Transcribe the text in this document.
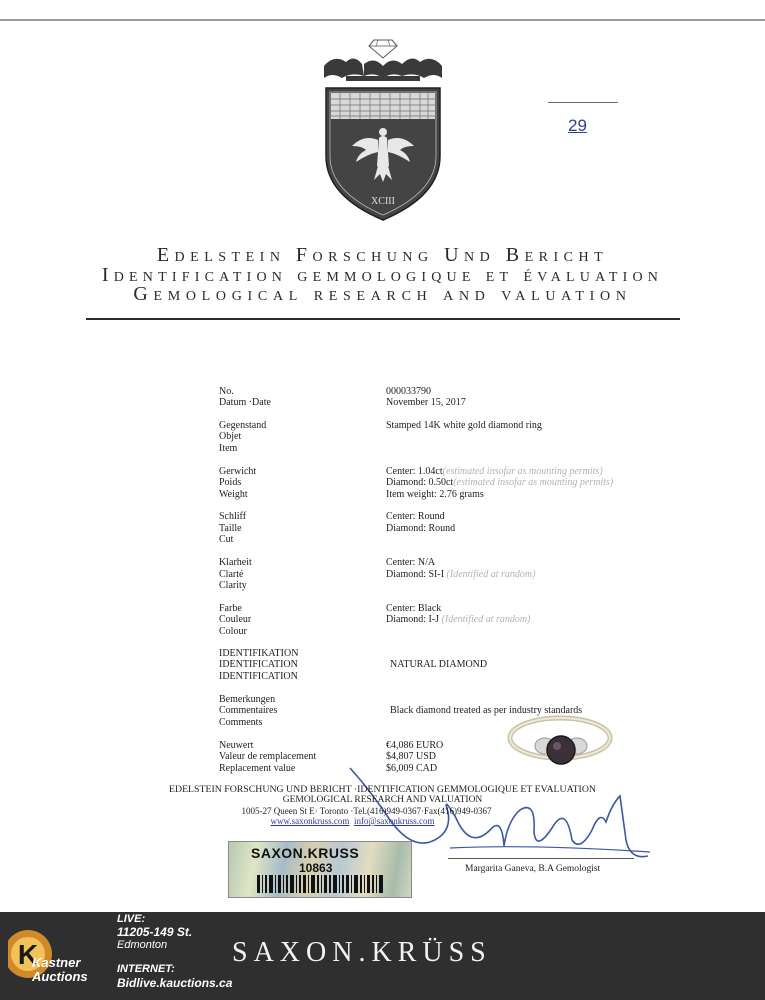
XCIII
29
Edelstein Forschung Und Bericht
Identification gemmologique et évaluation
Gemological research and valuation
No.	000033790
Datum ·Date	November 15, 2017
Gegenstand
Objet
Item
Stamped 14K white gold diamond ring
Gerwicht
Poids
Weight
Center: 1.04ct(estimated insofar as mounting permits)
Diamond: 0.50ct(estimated insofar as mounting permits)
Item weight: 2.76 grams
Schliff
Taille
Cut
Center: Round
Diamond: Round
Klarheit
Clarté
Clarity
Center: N/A
Diamond: SI-I (Identified at random)
Farbe
Couleur
Colour
Center: Black
Diamond: I-J (Identified at random)
IDENTIFIKATION
IDENTIFICATION
IDENTIFICATION
NATURAL DIAMOND
Bemerkungen
Commentaires
Comments
Black diamond treated as per industry standards
Neuwert
Valeur de remplacement
Replacement value
€4,086 EURO
$4,807 USD
$6,009 CAD
EDELSTEIN FORSCHUNG UND BERICHT ·IDENTIFICATION GEMMOLOGIQUE ET EVALUATION
GEMOLOGICAL RESEARCH AND VALUATION
1005-27 Queen St E· Toronto ·Tel.(416)949-0367·Fax(416)949-0367
www.saxonkruss.com info@saxonkruss.com
Margarita Ganeva, B.A Gemologist
SAXON.KRUSS
10863
K
Kastner
Auctions
LIVE:
11205-149 St.
Edmonton
INTERNET:
Bidlive.kauctions.ca
SAXON.KRÜSS
